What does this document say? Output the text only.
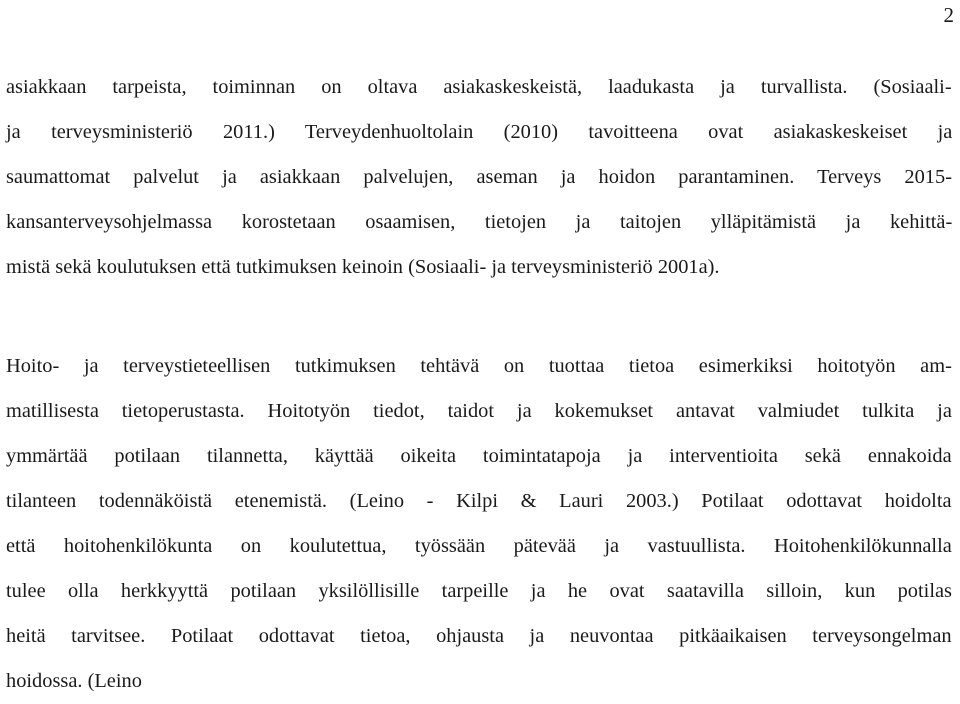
2
asiakkaan tarpeista, toiminnan on oltava asiakaskeskeistä, laadukasta ja turvallista. (Sosiaali-
ja terveysministeriö 2011.) Terveydenhuoltolain (2010) tavoitteena ovat asiakaskeskeiset ja
saumattomat palvelut ja asiakkaan palvelujen, aseman ja hoidon parantaminen. Terveys 2015-
kansanterveysohjelmassa korostetaan osaamisen, tietojen ja taitojen ylläpitämistä ja kehittä-
mistä sekä koulutuksen että tutkimuksen keinoin (Sosiaali- ja terveysministeriö 2001a).
Hoito- ja terveystieteellisen tutkimuksen tehtävä on tuottaa tietoa esimerkiksi hoitotyön am-
matillisesta tietoperustasta. Hoitotyön tiedot, taidot ja kokemukset antavat valmiudet tulkita ja
ymmärtää potilaan tilannetta, käyttää oikeita toimintatapoja ja interventioita sekä ennakoida
tilanteen todennäköistä etenemistä. (Leino - Kilpi & Lauri 2003.) Potilaat odottavat hoidolta
että hoitohenkilökunta on koulutettua, työssään pätevää ja vastuullista. Hoitohenkilökunnalla
tulee olla herkkyyttä potilaan yksilöllisille tarpeille ja he ovat saatavilla silloin, kun potilas
heitä tarvitsee. Potilaat odottavat tietoa, ohjausta ja neuvontaa pitkäaikaisen terveysongelman
hoidossa. (Leino
